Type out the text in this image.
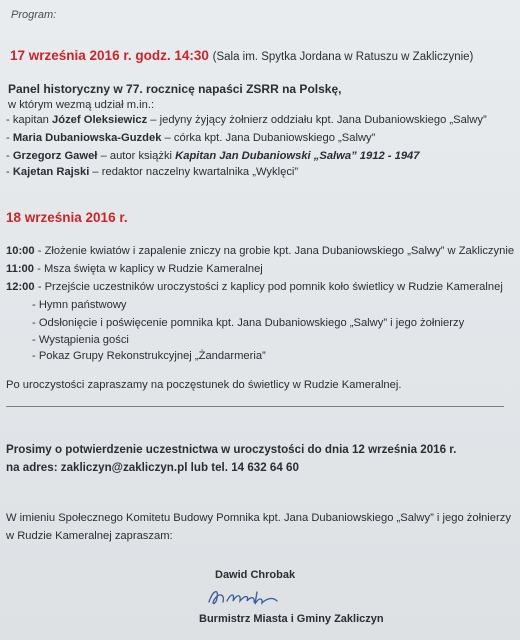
Program:
17 września 2016 r. godz. 14:30 (Sala im. Spytka Jordana w Ratuszu w Zakliczynie)
Panel historyczny w 77. rocznicę napaści ZSRR na Polskę,
w którym wezmą udział m.in.:
- kapitan Józef Oleksiewicz – jedyny żyjący żołnierz oddziału kpt. Jana Dubaniowskiego „Salwy”
- Maria Dubaniowska-Guzdek – córka kpt. Jana Dubaniowskiego „Salwy”
- Grzegorz Gaweł – autor książki Kapitan Jan Dubaniowski „Salwa” 1912 - 1947
- Kajetan Rajski – redaktor naczelny kwartalnika „Wyklęci”
18 września 2016 r.
10:00 - Złożenie kwiatów i zapalenie zniczy na grobie kpt. Jana Dubaniowskiego „Salwy” w Zakliczynie
11:00 - Msza święta w kaplicy w Rudzie Kameralnej
12:00 - Przejście uczestników uroczystości z kaplicy pod pomnik koło świetlicy w Rudzie Kameralnej
- Hymn państwowy
- Odsłonięcie i poświęcenie pomnika kpt. Jana Dubaniowskiego „Salwy” i jego żołnierzy
- Wystąpienia gości
- Pokaz Grupy Rekonstrukcyjnej „Żandarmeria”
Po uroczystości zapraszamy na poczęstunek do świetlicy w Rudzie Kameralnej.
Prosimy o potwierdzenie uczestnictwa w uroczystości do dnia 12 września 2016 r.
na adres: zakliczyn@zakliczyn.pl lub tel. 14 632 64 60
W imieniu Społecznego Komitetu Budowy Pomnika kpt. Jana Dubaniowskiego „Salwy” i jego żołnierzy
w Rudzie Kameralnej zapraszam:
Dawid Chrobak
Burmistrz Miasta i Gminy Zakliczyn
